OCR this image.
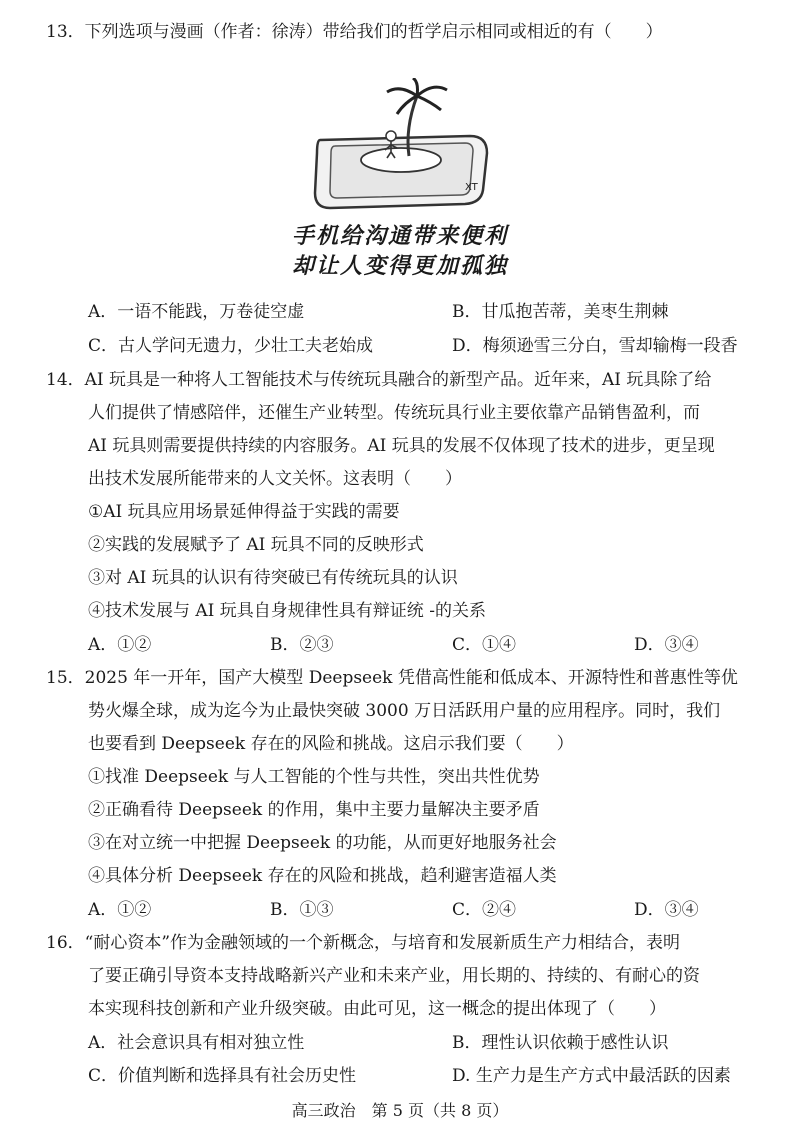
13．下列选项与漫画（作者：徐涛）带给我们的哲学启示相同或相近的有（　　）
XT
手机给沟通带来便利
却让人变得更加孤独
A．一语不能践，万卷徒空虚	B．甘瓜抱苦蒂，美枣生荆棘
C．古人学问无遗力，少壮工夫老始成	D．梅须逊雪三分白，雪却输梅一段香
14．AI 玩具是一种将人工智能技术与传统玩具融合的新型产品。近年来，AI 玩具除了给
人们提供了情感陪伴，还催生产业转型。传统玩具行业主要依靠产品销售盈利，而
AI 玩具则需要提供持续的内容服务。AI 玩具的发展不仅体现了技术的进步，更呈现
出技术发展所能带来的人文关怀。这表明（　　）
①AI 玩具应用场景延伸得益于实践的需要
②实践的发展赋予了 AI 玩具不同的反映形式
③对 AI 玩具的认识有待突破已有传统玩具的认识
④技术发展与 AI 玩具自身规律性具有辩证统 -的关系
A．①②	B．②③	C．①④	D．③④
15．2025 年一开年，国产大模型 Deepseek 凭借高性能和低成本、开源特性和普惠性等优
势火爆全球，成为迄今为止最快突破 3000 万日活跃用户量的应用程序。同时，我们
也要看到 Deepseek 存在的风险和挑战。这启示我们要（　　）
①找准 Deepseek 与人工智能的个性与共性，突出共性优势
②正确看待 Deepseek 的作用，集中主要力量解决主要矛盾
③在对立统一中把握 Deepseek 的功能，从而更好地服务社会
④具体分析 Deepseek 存在的风险和挑战，趋利避害造福人类
A．①②	B．①③	C．②④	D．③④
16．“耐心资本”作为金融领域的一个新概念，与培育和发展新质生产力相结合，表明
了要正确引导资本支持战略新兴产业和未来产业，用长期的、持续的、有耐心的资
本实现科技创新和产业升级突破。由此可见，这一概念的提出体现了（　　）
A．社会意识具有相对独立性	B．理性认识依赖于感性认识
C．价值判断和选择具有社会历史性	D. 生产力是生产方式中最活跃的因素
高三政治　第 5 页（共 8 页）
